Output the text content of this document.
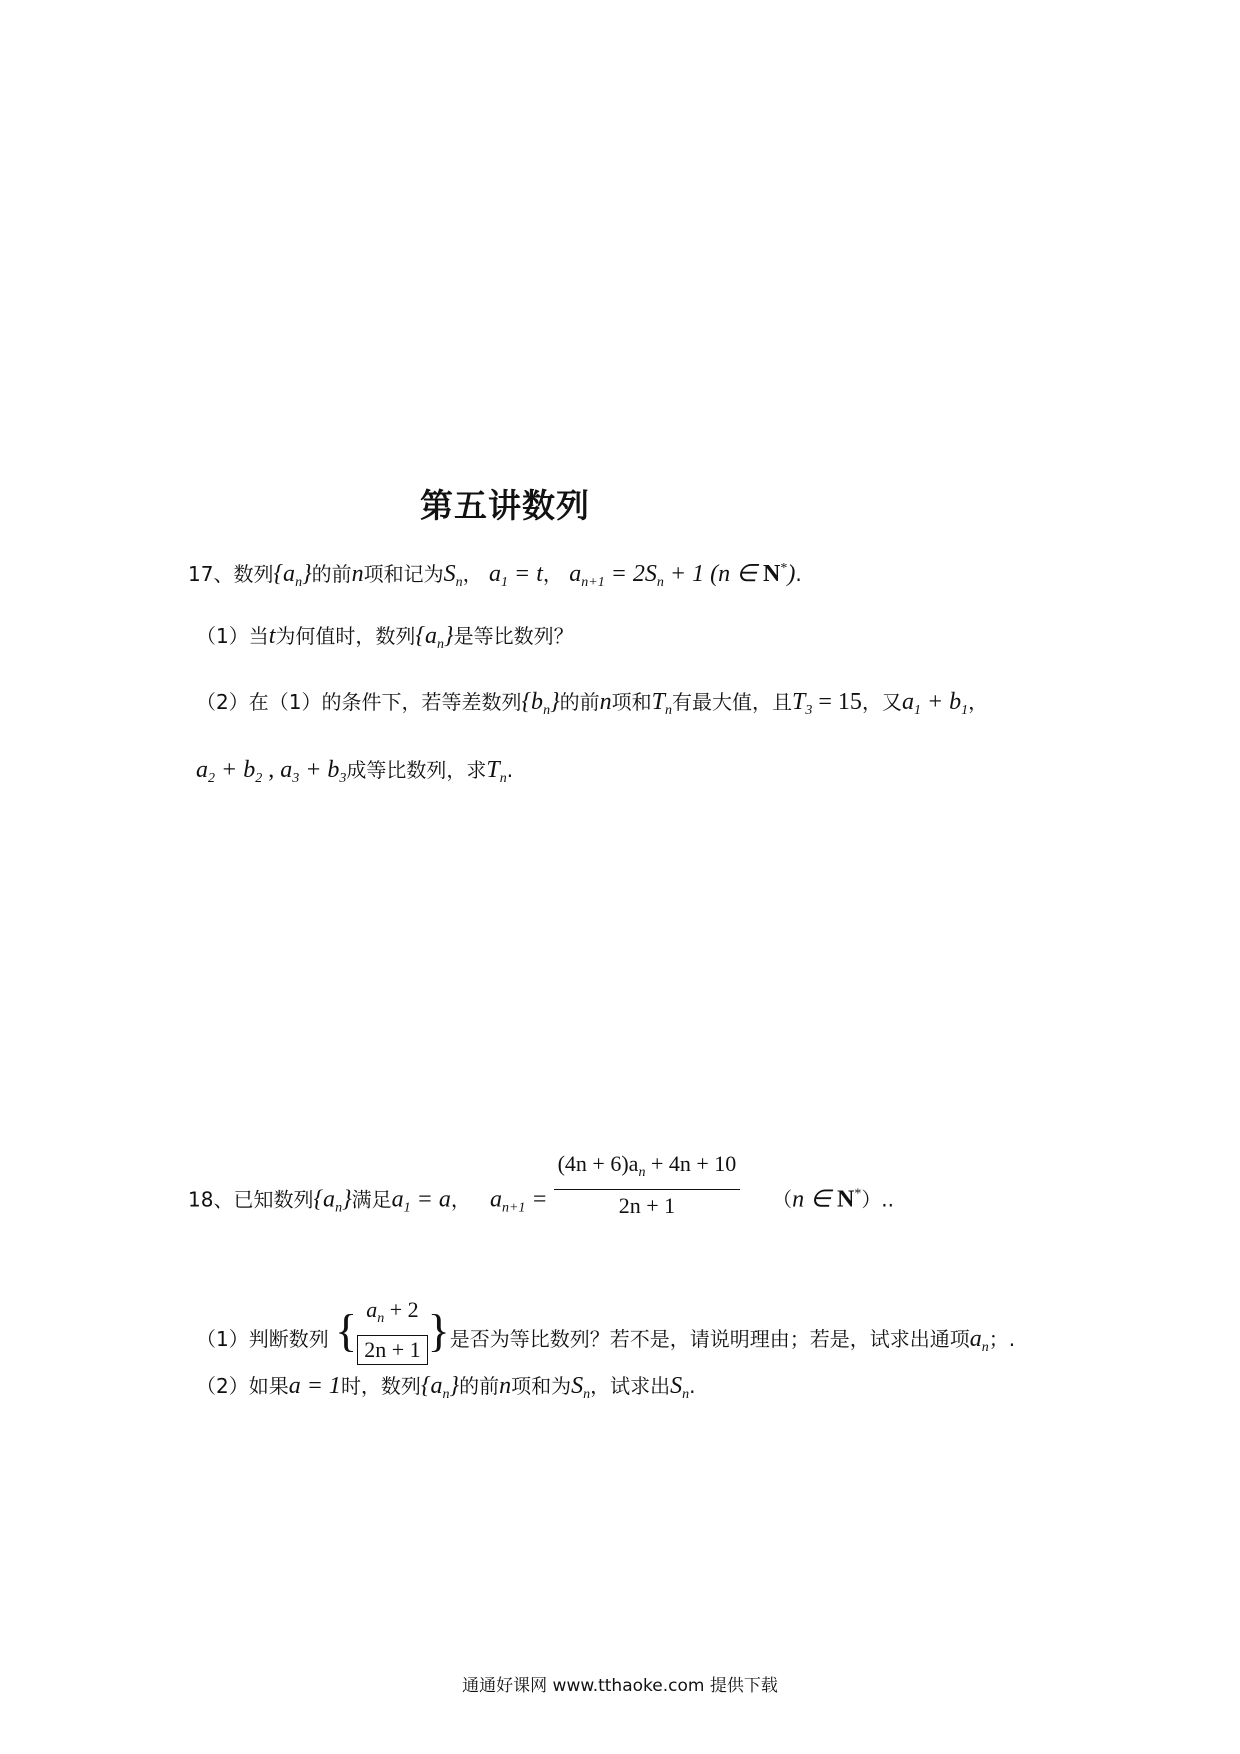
第五讲数列
17、数列$\{a_n\}$的前n项和记为$S_n$， $a_1 = t$， $a_{n+1} = 2S_n + 1$ (n ∈ N*).
（1）当t为何值时，数列$\{a_n\}$是等比数列？
（2）在（1）的条件下，若等差数列$\{b_n\}$的前n项和$T_n$有最大值，且$T_3 = 15$，又$a_1 + b_1$，
$a_2 + b_2$ , $a_3 + b_3$成等比数列，求$T_n$.
18、已知数列$\{a_n\}$满足$a_1 = a$， $a_{n+1} = \frac{(4n + 6)a_n + 4n + 10}{2n + 1} (n$ ∈ N*）..
（1）判断数列 { $\frac{a_n + 2}{2n + 1}$ }是否为等比数列？若不是，请说明理由；若是，试求出通项$a_n$；.
（2）如果a = 1时，数列$\{a_n\}$的前n项和为$S_n$，试求出$S_n$.
通通好课网 www.tthaoke.com 提供下载
